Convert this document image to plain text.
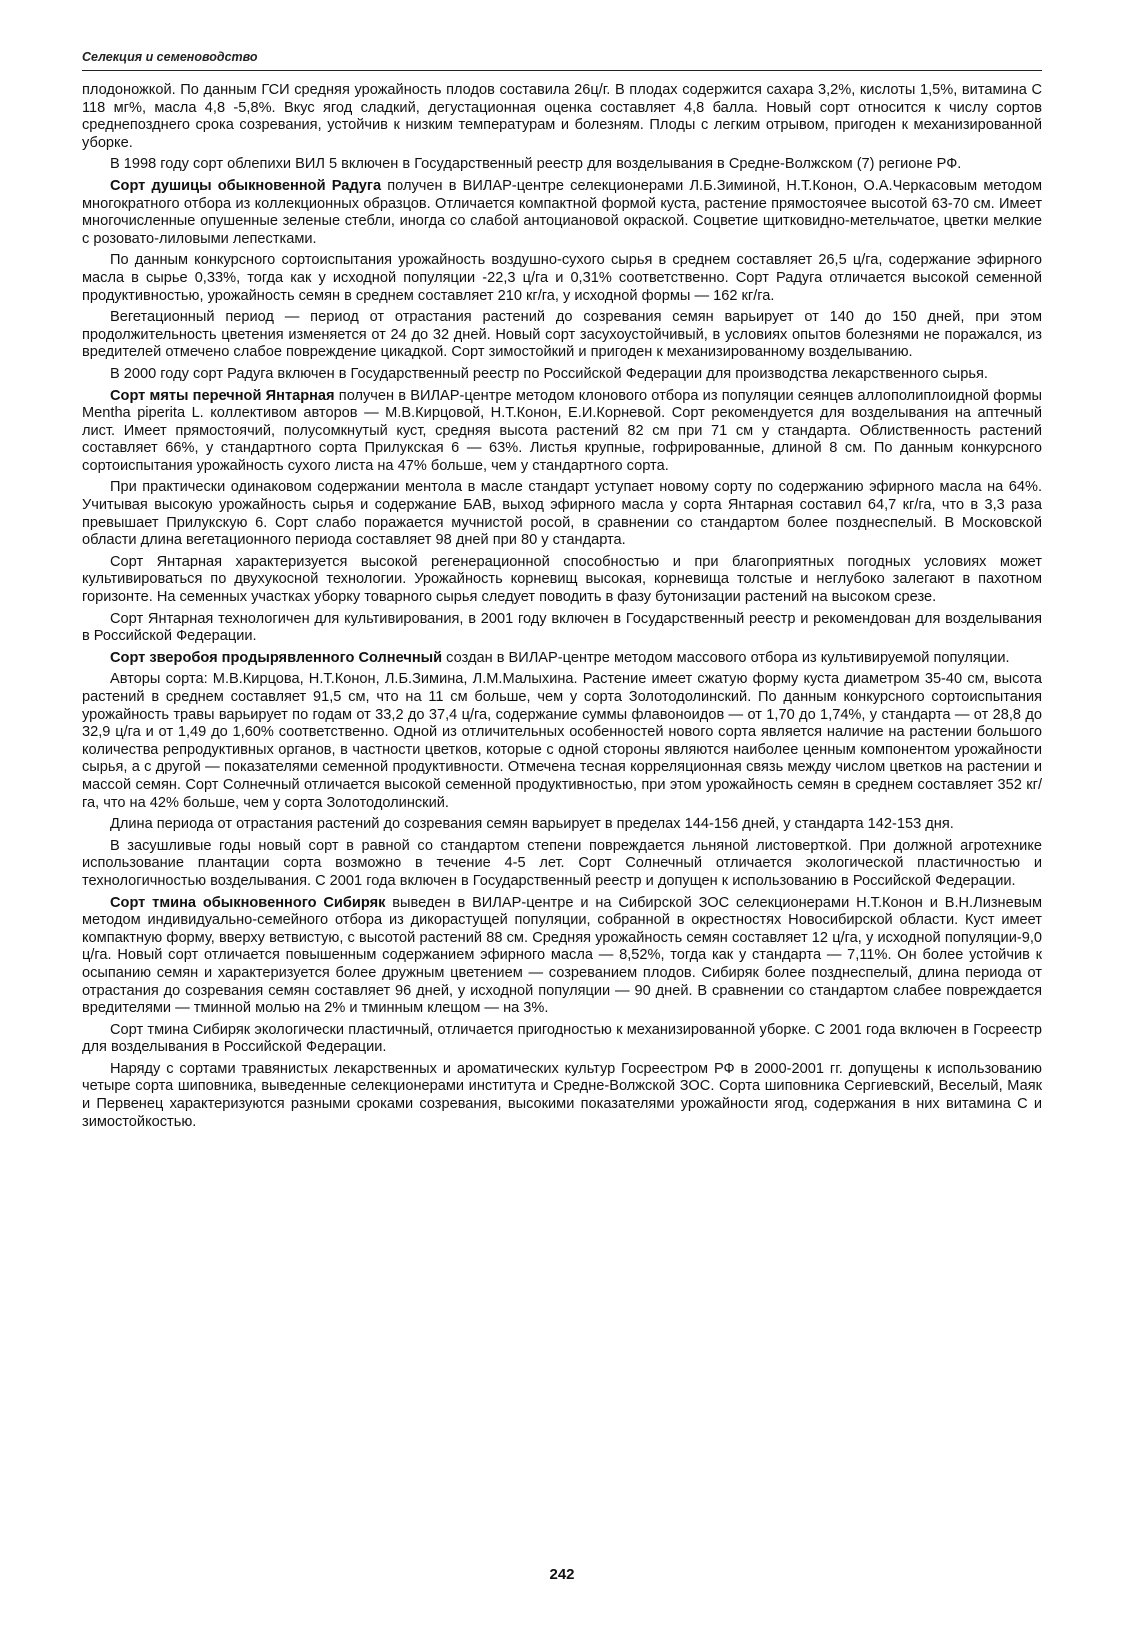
Селекция и семеноводство

плодоножкой. По данным ГСИ средняя урожайность плодов составила 26ц/г. В плодах содержится сахара 3,2%, кислоты 1,5%, витамина С 118 мг%, масла 4,8 -5,8%. Вкус ягод сладкий, дегустационная оценка составляет 4,8 балла. Новый сорт относится к числу сортов среднепозднего срока созревания, устойчив к низким температурам и болезням. Плоды с легким отрывом, пригоден к механизированной уборке.

В 1998 году сорт облепихи ВИЛ 5 включен в Государственный реестр для возделывания в Средне-Волжском (7) регионе РФ.

Сорт душицы обыкновенной Радуга получен в ВИЛАР-центре селекционерами Л.Б.Зиминой, Н.Т.Конон, О.А.Черкасовым методом многократного отбора из коллекционных образцов. Отличается компактной формой куста, растение прямостоячее высотой 63-70 см. Имеет многочисленные опушенные зеленые стебли, иногда со слабой антоциановой окраской. Соцветие щитковидно-метельчатое, цветки мелкие с розовато-лиловыми лепестками.

По данным конкурсного сортоиспытания урожайность воздушно-сухого сырья в среднем составляет 26,5 ц/га, содержание эфирного масла в сырье 0,33%, тогда как у исходной популяции -22,3 ц/га и 0,31% соответственно. Сорт Радуга отличается высокой семенной продуктивностью, урожайность семян в среднем составляет 210 кг/га, у исходной формы — 162 кг/га.

Вегетационный период — период от отрастания растений до созревания семян варьирует от 140 до 150 дней, при этом продолжительность цветения изменяется от 24 до 32 дней. Новый сорт засухоустойчивый, в условиях опытов болезнями не поражался, из вредителей отмечено слабое повреждение цикадкой. Сорт зимостойкий и пригоден к механизированному возделыванию.

В 2000 году сорт Радуга включен в Государственный реестр по Российской Федерации для производства лекарственного сырья.

Сорт мяты перечной Янтарная получен в ВИЛАР-центре методом клонового отбора из популяции сеянцев аллополиплоидной формы Mentha piperita L. коллективом авторов — М.В.Кирцовой, Н.Т.Конон, Е.И.Корневой. Сорт рекомендуется для возделывания на аптечный лист. Имеет прямостоячий, полусомкнутый куст, средняя высота растений 82 см при 71 см у стандарта. Облиственность растений составляет 66%, у стандартного сорта Прилукская 6 — 63%. Листья крупные, гофрированные, длиной 8 см. По данным конкурсного сортоиспытания урожайность сухого листа на 47% больше, чем у стандартного сорта.

При практически одинаковом содержании ментола в масле стандарт уступает новому сорту по содержанию эфирного масла на 64%. Учитывая высокую урожайность сырья и содержание БАВ, выход эфирного масла у сорта Янтарная составил 64,7 кг/га, что в 3,3 раза превышает Прилукскую 6. Сорт слабо поражается мучнистой росой, в сравнении со стандартом более позднеспелый. В Московской области длина вегетационного периода составляет 98 дней при 80 у стандарта.

Сорт Янтарная характеризуется высокой регенерационной способностью и при благоприятных погодных условиях может культивироваться по двухукосной технологии. Урожайность корневищ высокая, корневища толстые и неглубоко залегают в пахотном горизонте. На семенных участках уборку товарного сырья следует поводить в фазу бутонизации растений на высоком срезе.

Сорт Янтарная технологичен для культивирования, в 2001 году включен в Государственный реестр и рекомендован для возделывания в Российской Федерации.

Сорт зверобоя продырявленного Солнечный создан в ВИЛАР-центре методом массового отбора из культивируемой популяции.

Авторы сорта: М.В.Кирцова, Н.Т.Конон, Л.Б.Зимина, Л.М.Малыхина. Растение имеет сжатую форму куста диаметром 35-40 см, высота растений в среднем составляет 91,5 см, что на 11 см больше, чем у сорта Золотодолинский. По данным конкурсного сортоиспытания урожайность травы варьирует по годам от 33,2 до 37,4 ц/га, содержание суммы флавоноидов — от 1,70 до 1,74%, у стандарта — от 28,8 до 32,9 ц/га и от 1,49 до 1,60% соответственно. Одной из отличительных особенностей нового сорта является наличие на растении большого количества репродуктивных органов, в частности цветков, которые с одной стороны являются наиболее ценным компонентом урожайности сырья, а с другой — показателями семенной продуктивности. Отмечена тесная корреляционная связь между числом цветков на растении и массой семян. Сорт Солнечный отличается высокой семенной продуктивностью, при этом урожайность семян в среднем составляет 352 кг/га, что на 42% больше, чем у сорта Золотодолинский.

Длина периода от отрастания растений до созревания семян варьирует в пределах 144-156 дней, у стандарта 142-153 дня.

В засушливые годы новый сорт в равной со стандартом степени повреждается льняной листоверткой. При должной агротехнике использование плантации сорта возможно в течение 4-5 лет. Сорт Солнечный отличается экологической пластичностью и технологичностью возделывания. С 2001 года включен в Государственный реестр и допущен к использованию в Российской Федерации.

Сорт тмина обыкновенного Сибиряк выведен в ВИЛАР-центре и на Сибирской ЗОС селекционерами Н.Т.Конон и В.Н.Лизневым методом индивидуально-семейного отбора из дикорастущей популяции, собранной в окрестностях Новосибирской области. Куст имеет компактную форму, вверху ветвистую, с высотой растений 88 см. Средняя урожайность семян составляет 12 ц/га, у исходной популяции-9,0 ц/га. Новый сорт отличается повышенным содержанием эфирного масла — 8,52%, тогда как у стандарта — 7,11%. Он более устойчив к осыпанию семян и характеризуется более дружным цветением — созреванием плодов. Сибиряк более позднеспелый, длина периода от отрастания до созревания семян составляет 96 дней, у исходной популяции — 90 дней. В сравнении со стандартом слабее повреждается вредителями — тминной молью на 2% и тминным клещом — на 3%.

Сорт тмина Сибиряк экологически пластичный, отличается пригодностью к механизированной уборке. С 2001 года включен в Госреестр для возделывания в Российской Федерации.

Наряду с сортами травянистых лекарственных и ароматических культур Госреестром РФ в 2000-2001 гг. допущены к использованию четыре сорта шиповника, выведенные селекционерами института и Средне-Волжской ЗОС. Сорта шиповника Сергиевский, Веселый, Маяк и Первенец характеризуются разными сроками созревания, высокими показателями урожайности ягод, содержания в них витамина С и зимостойкостью.

242
